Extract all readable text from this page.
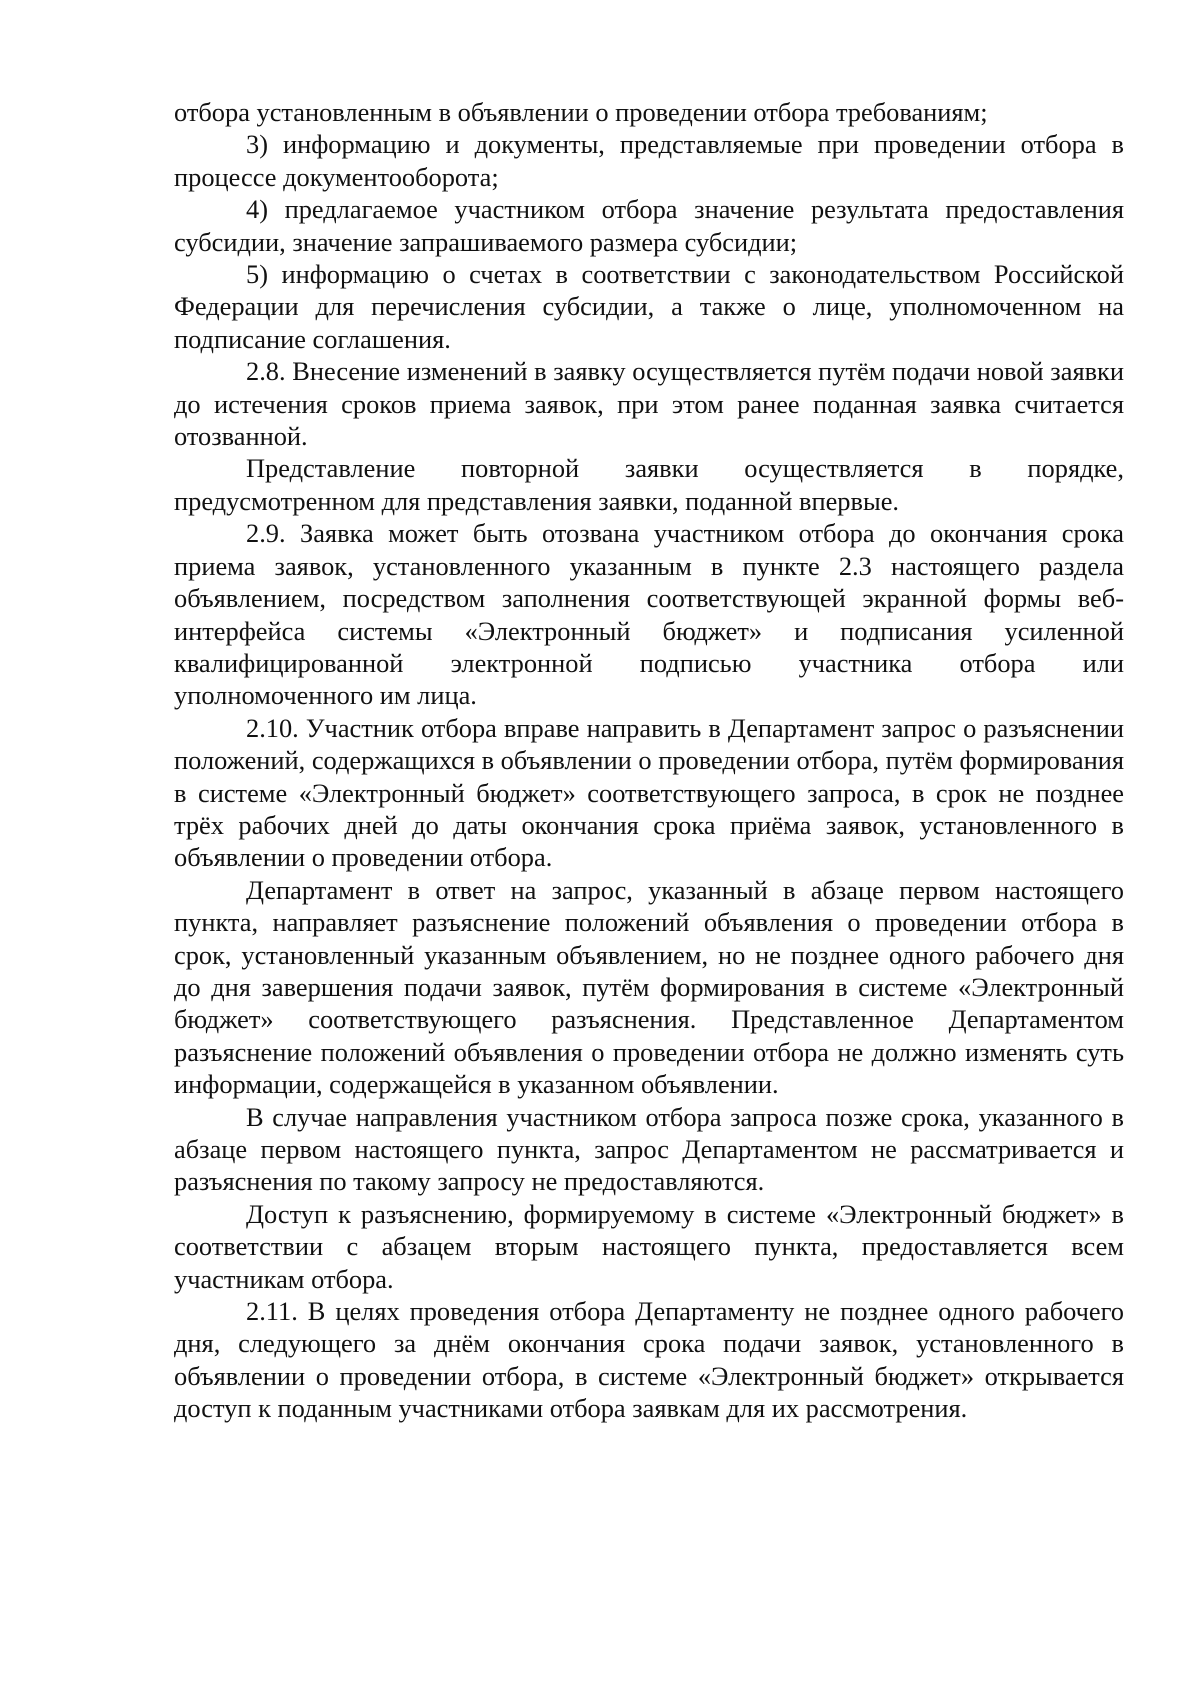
отбора установленным в объявлении о проведении отбора требованиям;

3) информацию и документы, представляемые при проведении отбора в процессе документооборота;

4) предлагаемое участником отбора значение результата предоставления субсидии, значение запрашиваемого размера субсидии;

5) информацию о счетах в соответствии с законодательством Российской Федерации для перечисления субсидии, а также о лице, уполномоченном на подписание соглашения.

2.8. Внесение изменений в заявку осуществляется путём подачи новой заявки до истечения сроков приема заявок, при этом ранее поданная заявка считается отозванной.

Представление повторной заявки осуществляется в порядке, предусмотренном для представления заявки, поданной впервые.

2.9. Заявка может быть отозвана участником отбора до окончания срока приема заявок, установленного указанным в пункте 2.3 настоящего раздела объявлением, посредством заполнения соответствующей экранной формы веб-интерфейса системы «Электронный бюджет» и подписания усиленной квалифицированной электронной подписью участника отбора или уполномоченного им лица.

2.10. Участник отбора вправе направить в Департамент запрос о разъяснении положений, содержащихся в объявлении о проведении отбора, путём формирования в системе «Электронный бюджет» соответствующего запроса, в срок не позднее трёх рабочих дней до даты окончания срока приёма заявок, установленного в объявлении о проведении отбора.

Департамент в ответ на запрос, указанный в абзаце первом настоящего пункта, направляет разъяснение положений объявления о проведении отбора в срок, установленный указанным объявлением, но не позднее одного рабочего дня до дня завершения подачи заявок, путём формирования в системе «Электронный бюджет» соответствующего разъяснения. Представленное Департаментом разъяснение положений объявления о проведении отбора не должно изменять суть информации, содержащейся в указанном объявлении.

В случае направления участником отбора запроса позже срока, указанного в абзаце первом настоящего пункта, запрос Департаментом не рассматривается и разъяснения по такому запросу не предоставляются.

Доступ к разъяснению, формируемому в системе «Электронный бюджет» в соответствии с абзацем вторым настоящего пункта, предоставляется всем участникам отбора.

2.11. В целях проведения отбора Департаменту не позднее одного рабочего дня, следующего за днём окончания срока подачи заявок, установленного в объявлении о проведении отбора, в системе «Электронный бюджет» открывается доступ к поданным участниками отбора заявкам для их рассмотрения.
